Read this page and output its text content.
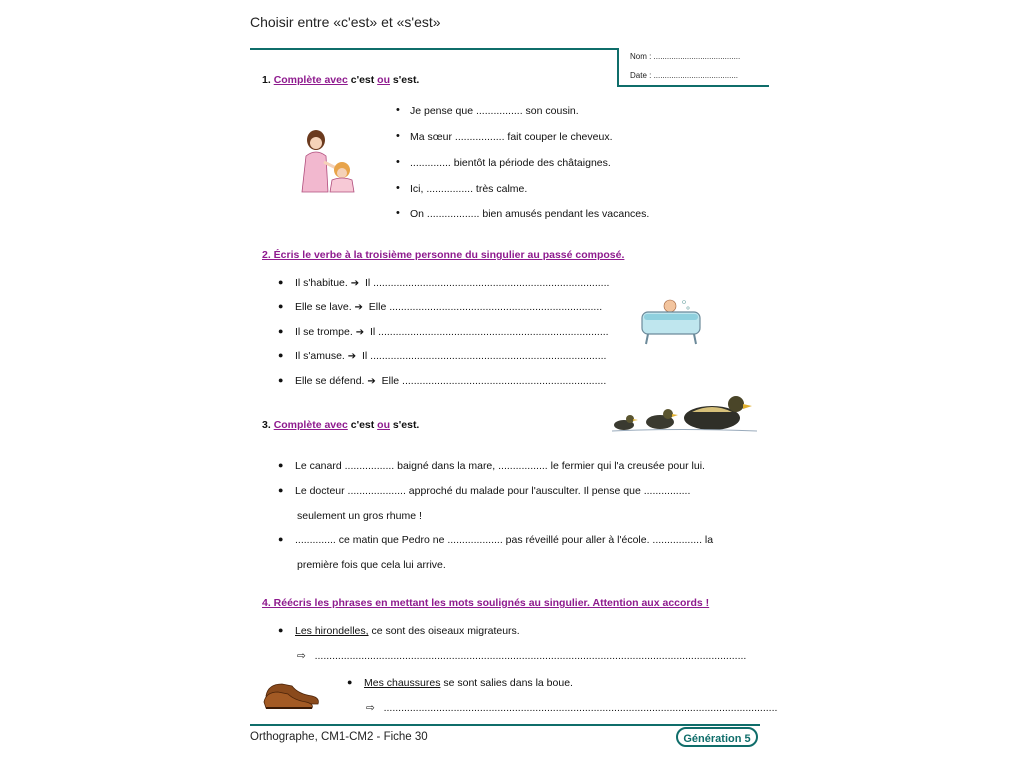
Choisir entre «c'est» et «s'est»
Nom : .......................................
Date : ......................................
1. Complète avec c'est ou s'est.
• Je pense que ................ son cousin.
• Ma sœur ................. fait couper le cheveux.
• .............. bientôt la période des châtaignes.
• Ici, ................ très calme.
• On .................. bien amusés pendant les vacances.
2. Écris le verbe à la troisième personne du singulier au passé composé.
● Il s'habitue. ➔ Il .................................................................................
● Elle se lave. ➔ Elle .........................................................................
● Il se trompe. ➔ Il ...............................................................................
● Il s'amuse. ➔ Il .................................................................................
● Elle se défend. ➔ Elle ......................................................................
3. Complète avec c'est ou s'est.
● Le canard ................. baigné dans la mare, ................. le fermier qui l'a creusée pour lui.
● Le docteur .................... approché du malade pour l'ausculter. Il pense que ................
seulement un gros rhume !
● .............. ce matin que Pedro ne ................... pas réveillé pour aller à l'école. ................. la
première fois que cela lui arrive.
4. Réécris les phrases en mettant les mots soulignés au singulier. Attention aux accords !
● Les hirondelles, ce sont des oiseaux migrateurs.
⇨ ....................................................................................................................................................
● Mes chaussures se sont salies dans la boue.
⇨ .......................................................................................................................................
Orthographe, CM1-CM2 - Fiche 30	Génération 5
